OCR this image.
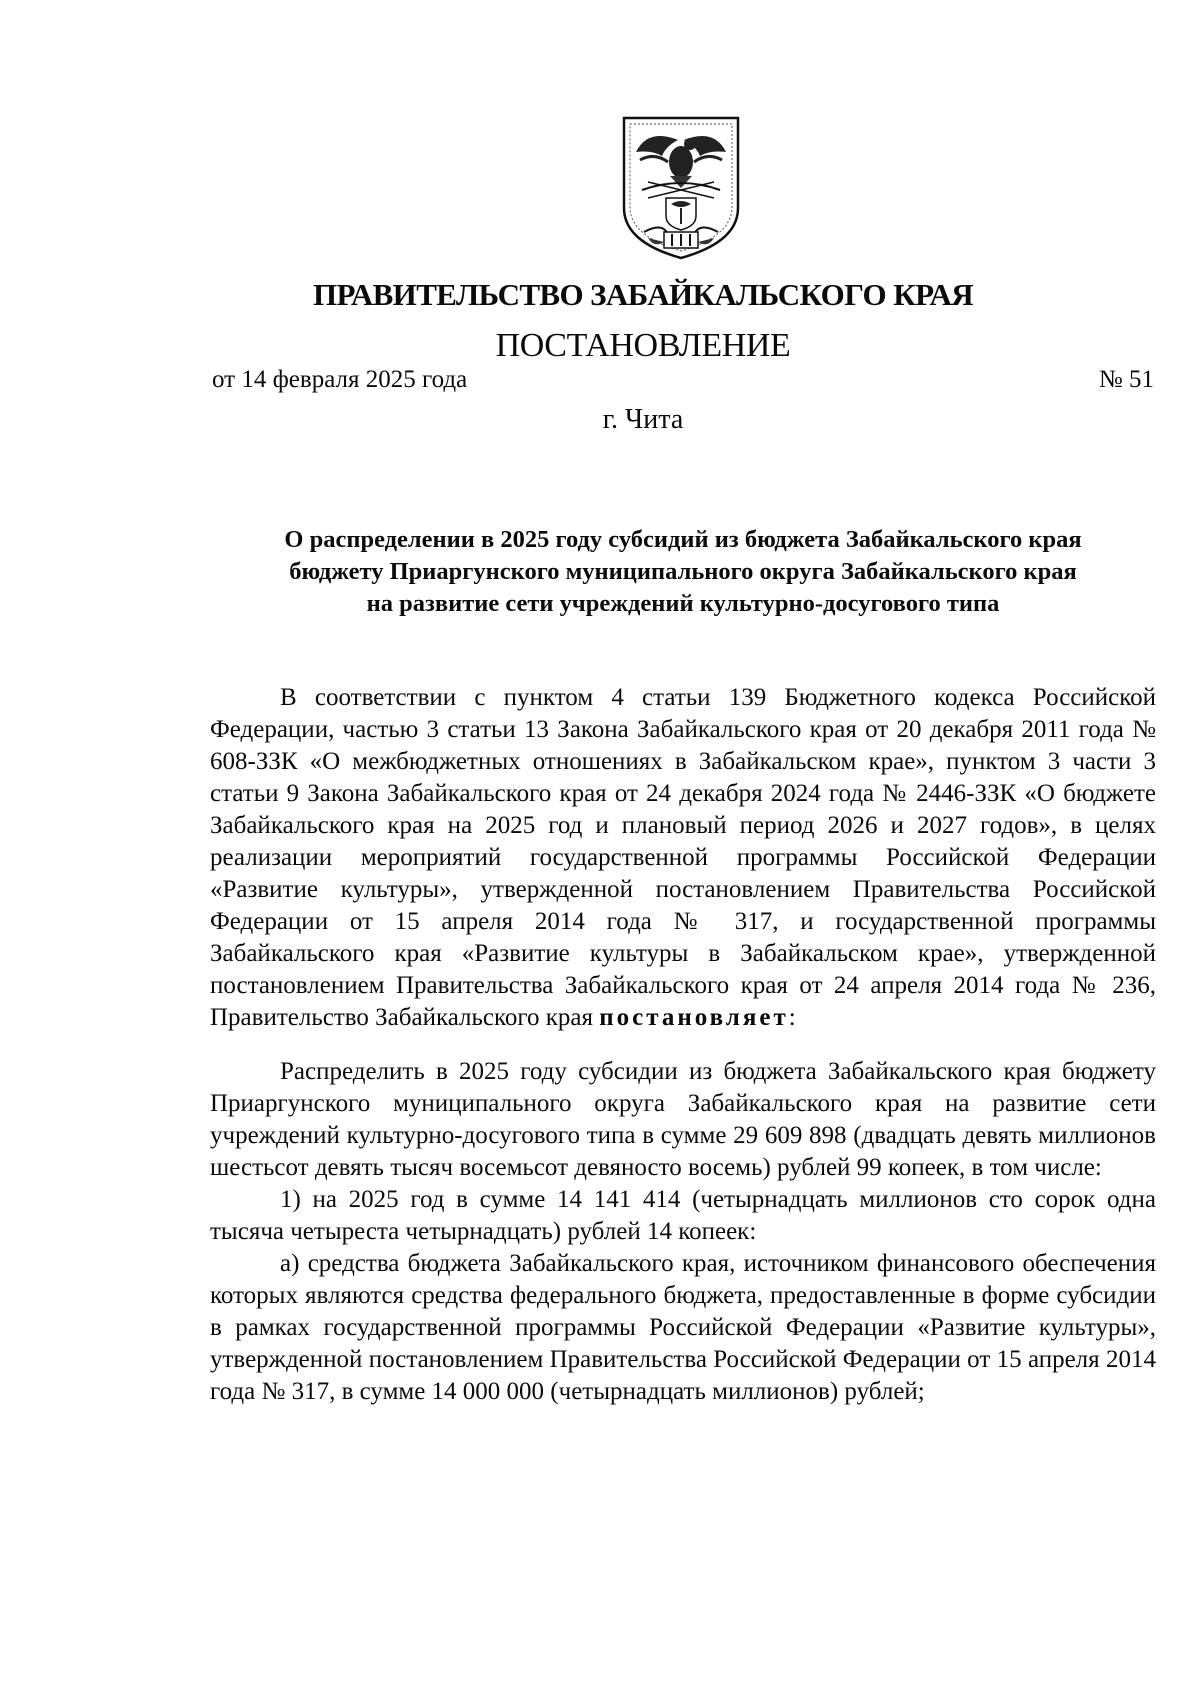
ПРАВИТЕЛЬСТВО ЗАБАЙКАЛЬСКОГО КРАЯ
ПОСТАНОВЛЕНИЕ
от 14 февраля 2025 года	№ 51
г. Чита
О распределении в 2025 году субсидий из бюджета Забайкальского края
бюджету Приаргунского муниципального округа Забайкальского края
на развитие сети учреждений культурно-досугового типа

В соответствии с пунктом 4 статьи 139 Бюджетного кодекса Российской Федерации, частью 3 статьи 13 Закона Забайкальского края от 20 декабря 2011 года № 608-ЗЗК «О межбюджетных отношениях в Забайкальском крае», пунктом 3 части 3 статьи 9 Закона Забайкальского края от 24 декабря 2024 года № 2446-ЗЗК «О бюджете Забайкальского края на 2025 год и плановый период 2026 и 2027 годов», в целях реализации мероприятий государственной программы Российской Федерации «Развитие культуры», утвержденной постановлением Правительства Российской Федерации от 15 апреля 2014 года № 317, и государственной программы Забайкальского края «Развитие культуры в Забайкальском крае», утвержденной постановлением Правительства Забайкальского края от 24 апреля 2014 года № 236, Правительство Забайкальского края постановляет:

Распределить в 2025 году субсидии из бюджета Забайкальского края бюджету Приаргунского муниципального округа Забайкальского края на развитие сети учреждений культурно-досугового типа в сумме 29 609 898 (двадцать девять миллионов шестьсот девять тысяч восемьсот девяносто восемь) рублей 99 копеек, в том числе:

1) на 2025 год в сумме 14 141 414 (четырнадцать миллионов сто сорок одна тысяча четыреста четырнадцать) рублей 14 копеек:

а) средства бюджета Забайкальского края, источником финансового обеспечения которых являются средства федерального бюджета, предоставленные в форме субсидии в рамках государственной программы Российской Федерации «Развитие культуры», утвержденной постановлением Правительства Российской Федерации от 15 апреля 2014 года № 317, в сумме 14 000 000 (четырнадцать миллионов) рублей;
